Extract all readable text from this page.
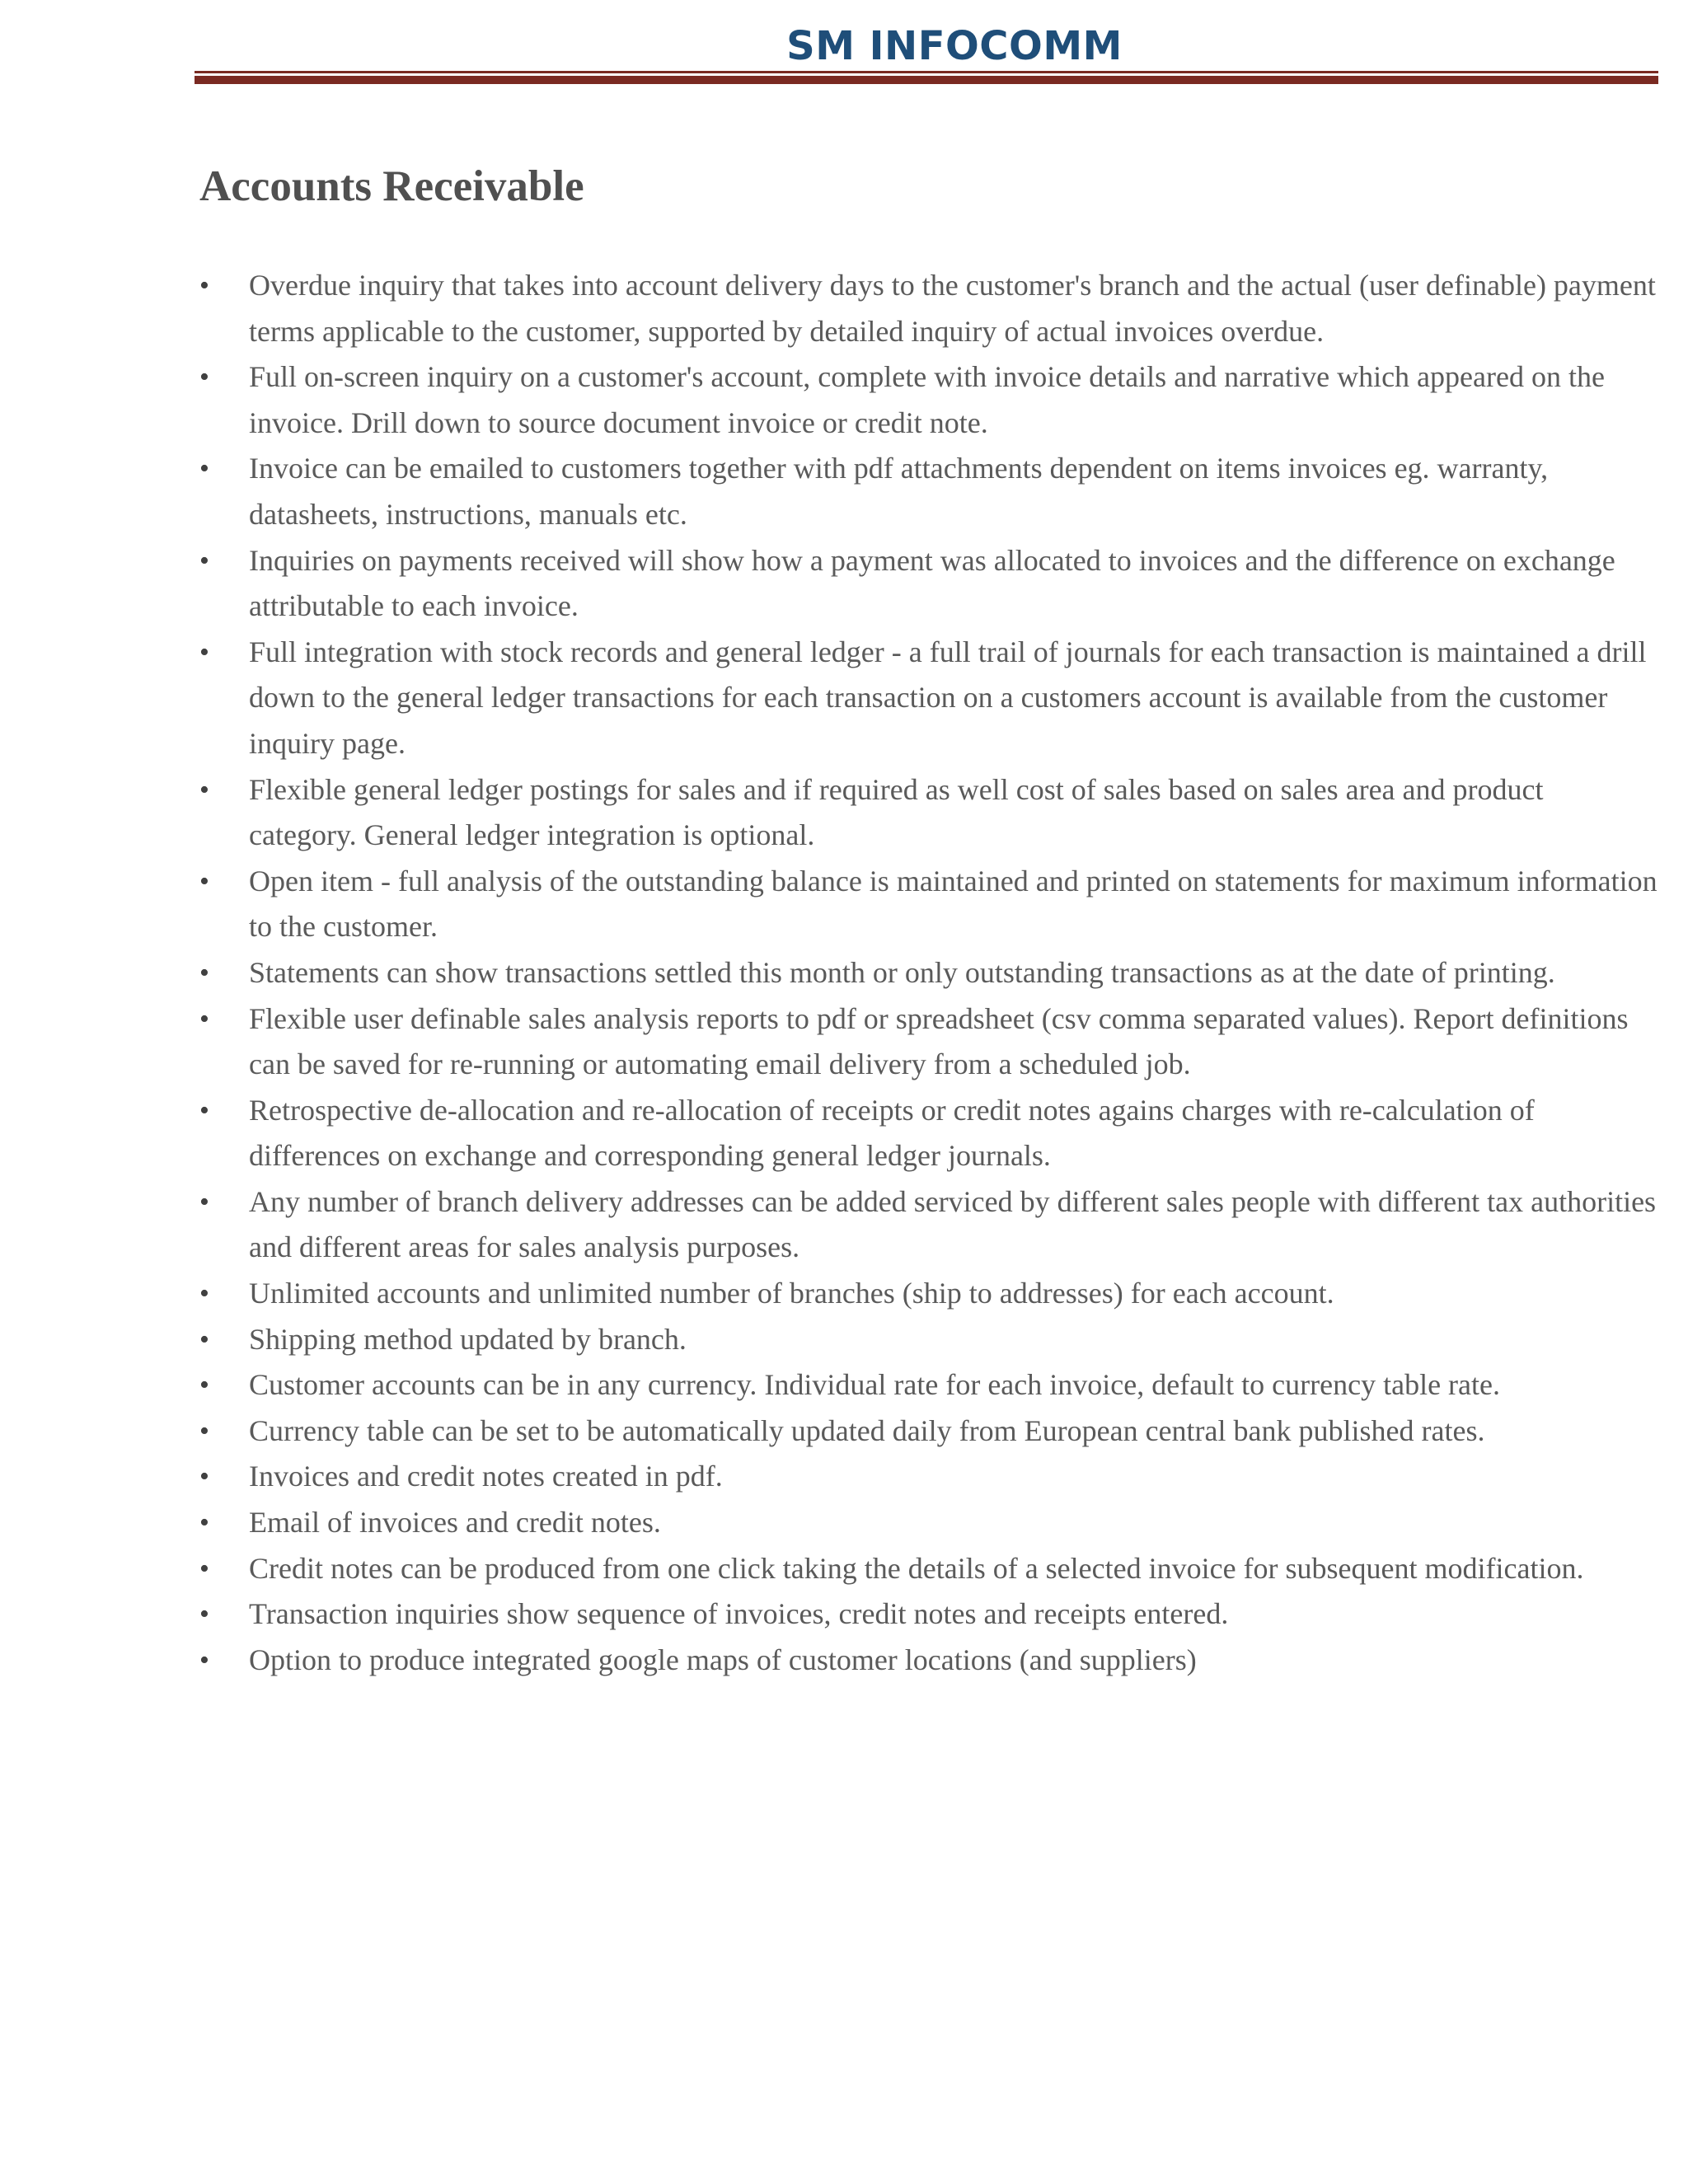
SM INFOCOMM
Accounts Receivable
•	Overdue inquiry that takes into account delivery days to the customer's branch and the actual (user definable) payment terms applicable to the customer, supported by detailed inquiry of actual invoices overdue.
•	Full on-screen inquiry on a customer's account, complete with invoice details and narrative which appeared on the invoice. Drill down to source document invoice or credit note.
•	Invoice can be emailed to customers together with pdf attachments dependent on items invoices eg. warranty, datasheets, instructions, manuals etc.
•	Inquiries on payments received will show how a payment was allocated to invoices and the difference on exchange attributable to each invoice.
•	Full integration with stock records and general ledger - a full trail of journals for each transaction is maintained a drill down to the general ledger transactions for each transaction on a customers account is available from the customer inquiry page.
•	Flexible general ledger postings for sales and if required as well cost of sales based on sales area and product category. General ledger integration is optional.
•	Open item - full analysis of the outstanding balance is maintained and printed on statements for maximum information to the customer.
•	Statements can show transactions settled this month or only outstanding transactions as at the date of printing.
•	Flexible user definable sales analysis reports to pdf or spreadsheet (csv comma separated values). Report definitions can be saved for re-running or automating email delivery from a scheduled job.
•	Retrospective de-allocation and re-allocation of receipts or credit notes agains charges with re-calculation of differences on exchange and corresponding general ledger journals.
•	Any number of branch delivery addresses can be added serviced by different sales people with different tax authorities and different areas for sales analysis purposes.
•	Unlimited accounts and unlimited number of branches (ship to addresses) for each account.
•	Shipping method updated by branch.
•	Customer accounts can be in any currency. Individual rate for each invoice, default to currency table rate.
•	Currency table can be set to be automatically updated daily from European central bank published rates.
•	Invoices and credit notes created in pdf.
•	Email of invoices and credit notes.
•	Credit notes can be produced from one click taking the details of a selected invoice for subsequent modification.
•	Transaction inquiries show sequence of invoices, credit notes and receipts entered.
•	Option to produce integrated google maps of customer locations (and suppliers)
